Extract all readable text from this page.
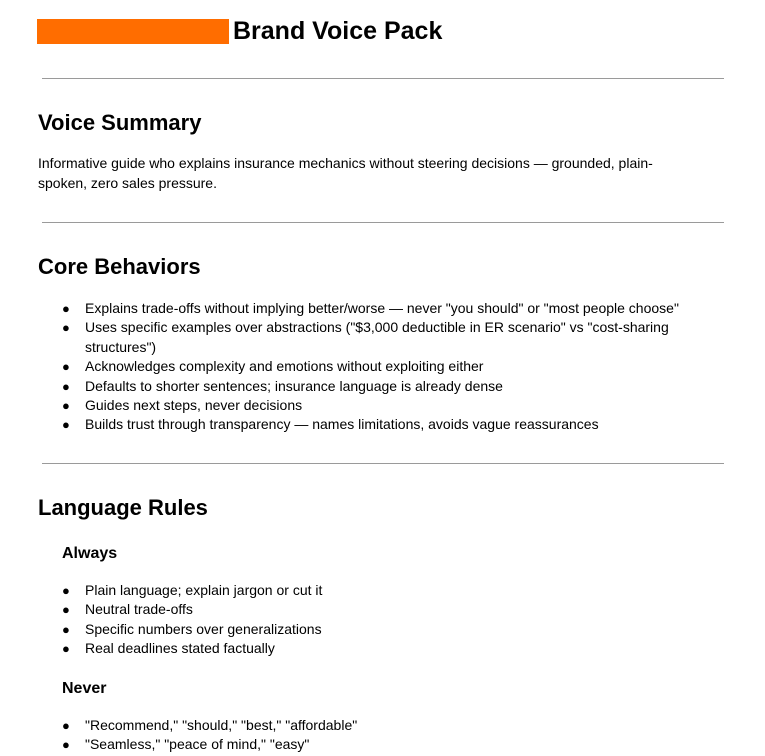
Brand Voice Pack
Voice Summary

Informative guide who explains insurance mechanics without steering decisions — grounded, plain-spoken, zero sales pressure.

Core Behaviors
● Explains trade-offs without implying better/worse — never "you should" or "most people choose"
● Uses specific examples over abstractions ("$3,000 deductible in ER scenario" vs "cost-sharing structures")
● Acknowledges complexity and emotions without exploiting either
● Defaults to shorter sentences; insurance language is already dense
● Guides next steps, never decisions
● Builds trust through transparency — names limitations, avoids vague reassurances
Language Rules
Always
● Plain language; explain jargon or cut it
● Neutral trade-offs
● Specific numbers over generalizations
● Real deadlines stated factually
Never
● "Recommend," "should," "best," "affordable"
● "Seamless," "peace of mind," "easy"
